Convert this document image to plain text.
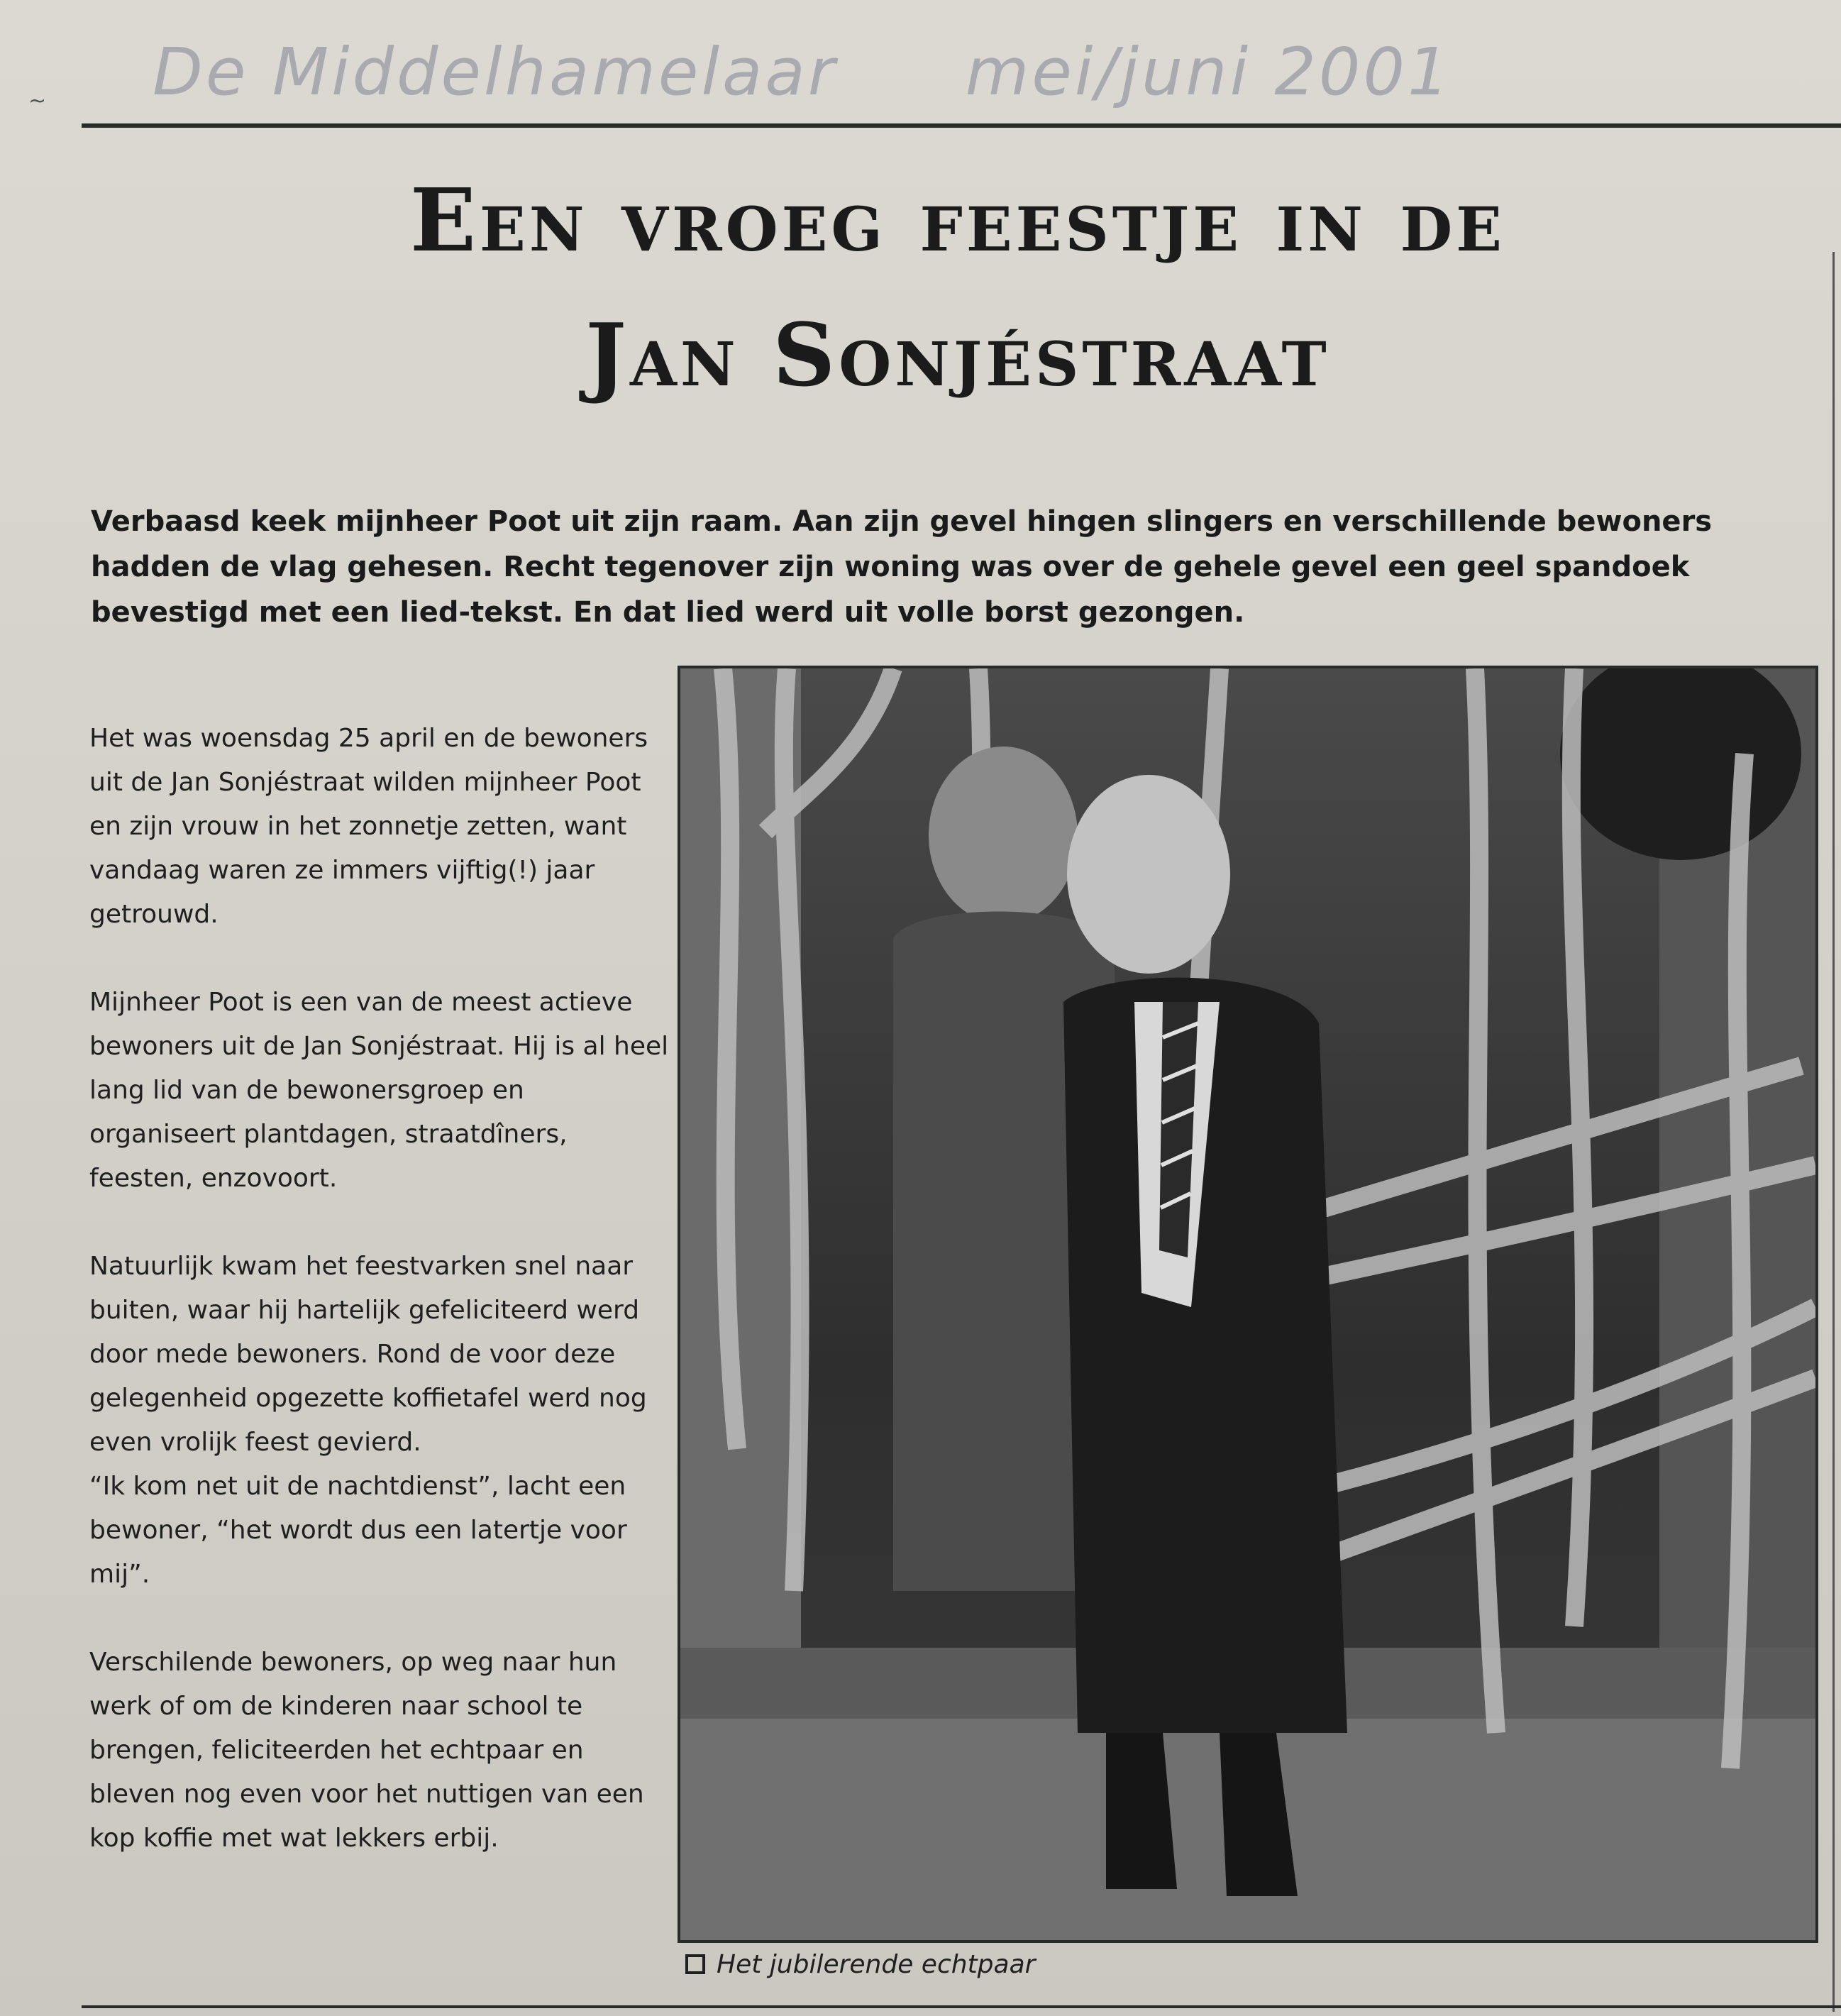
De Middelhamelaar mei/juni 2001
Een vroeg feestje in de
Jan Sonjéstraat
Verbaasd keek mijnheer Poot uit zijn raam. Aan zijn gevel hingen slingers en verschillende bewoners hadden de vlag gehesen. Recht tegenover zijn woning was over de gehele gevel een geel spandoek bevestigd met een lied-tekst. En dat lied werd uit volle borst gezongen.

Het was woensdag 25 april en de bewoners uit de Jan Sonjéstraat wilden mijnheer Poot en zijn vrouw in het zonnetje zetten, want vandaag waren ze immers vijftig(!) jaar getrouwd.

Mijnheer Poot is een van de meest actieve bewoners uit de Jan Sonjéstraat. Hij is al heel lang lid van de bewonersgroep en organiseert plantdagen, straatdîners, feesten, enzovoort.

Natuurlijk kwam het feestvarken snel naar buiten, waar hij hartelijk gefeliciteerd werd door mede bewoners. Rond de voor deze gelegenheid opgezette koffietafel werd nog even vrolijk feest gevierd.

“Ik kom net uit de nachtdienst”, lacht een bewoner, “het wordt dus een latertje voor mij”.

Verschilende bewoners, op weg naar hun werk of om de kinderen naar school te brengen, feliciteerden het echtpaar en bleven nog even voor het nuttigen van een kop koffie met wat lekkers erbij.

Het jubilerende echtpaar
~
